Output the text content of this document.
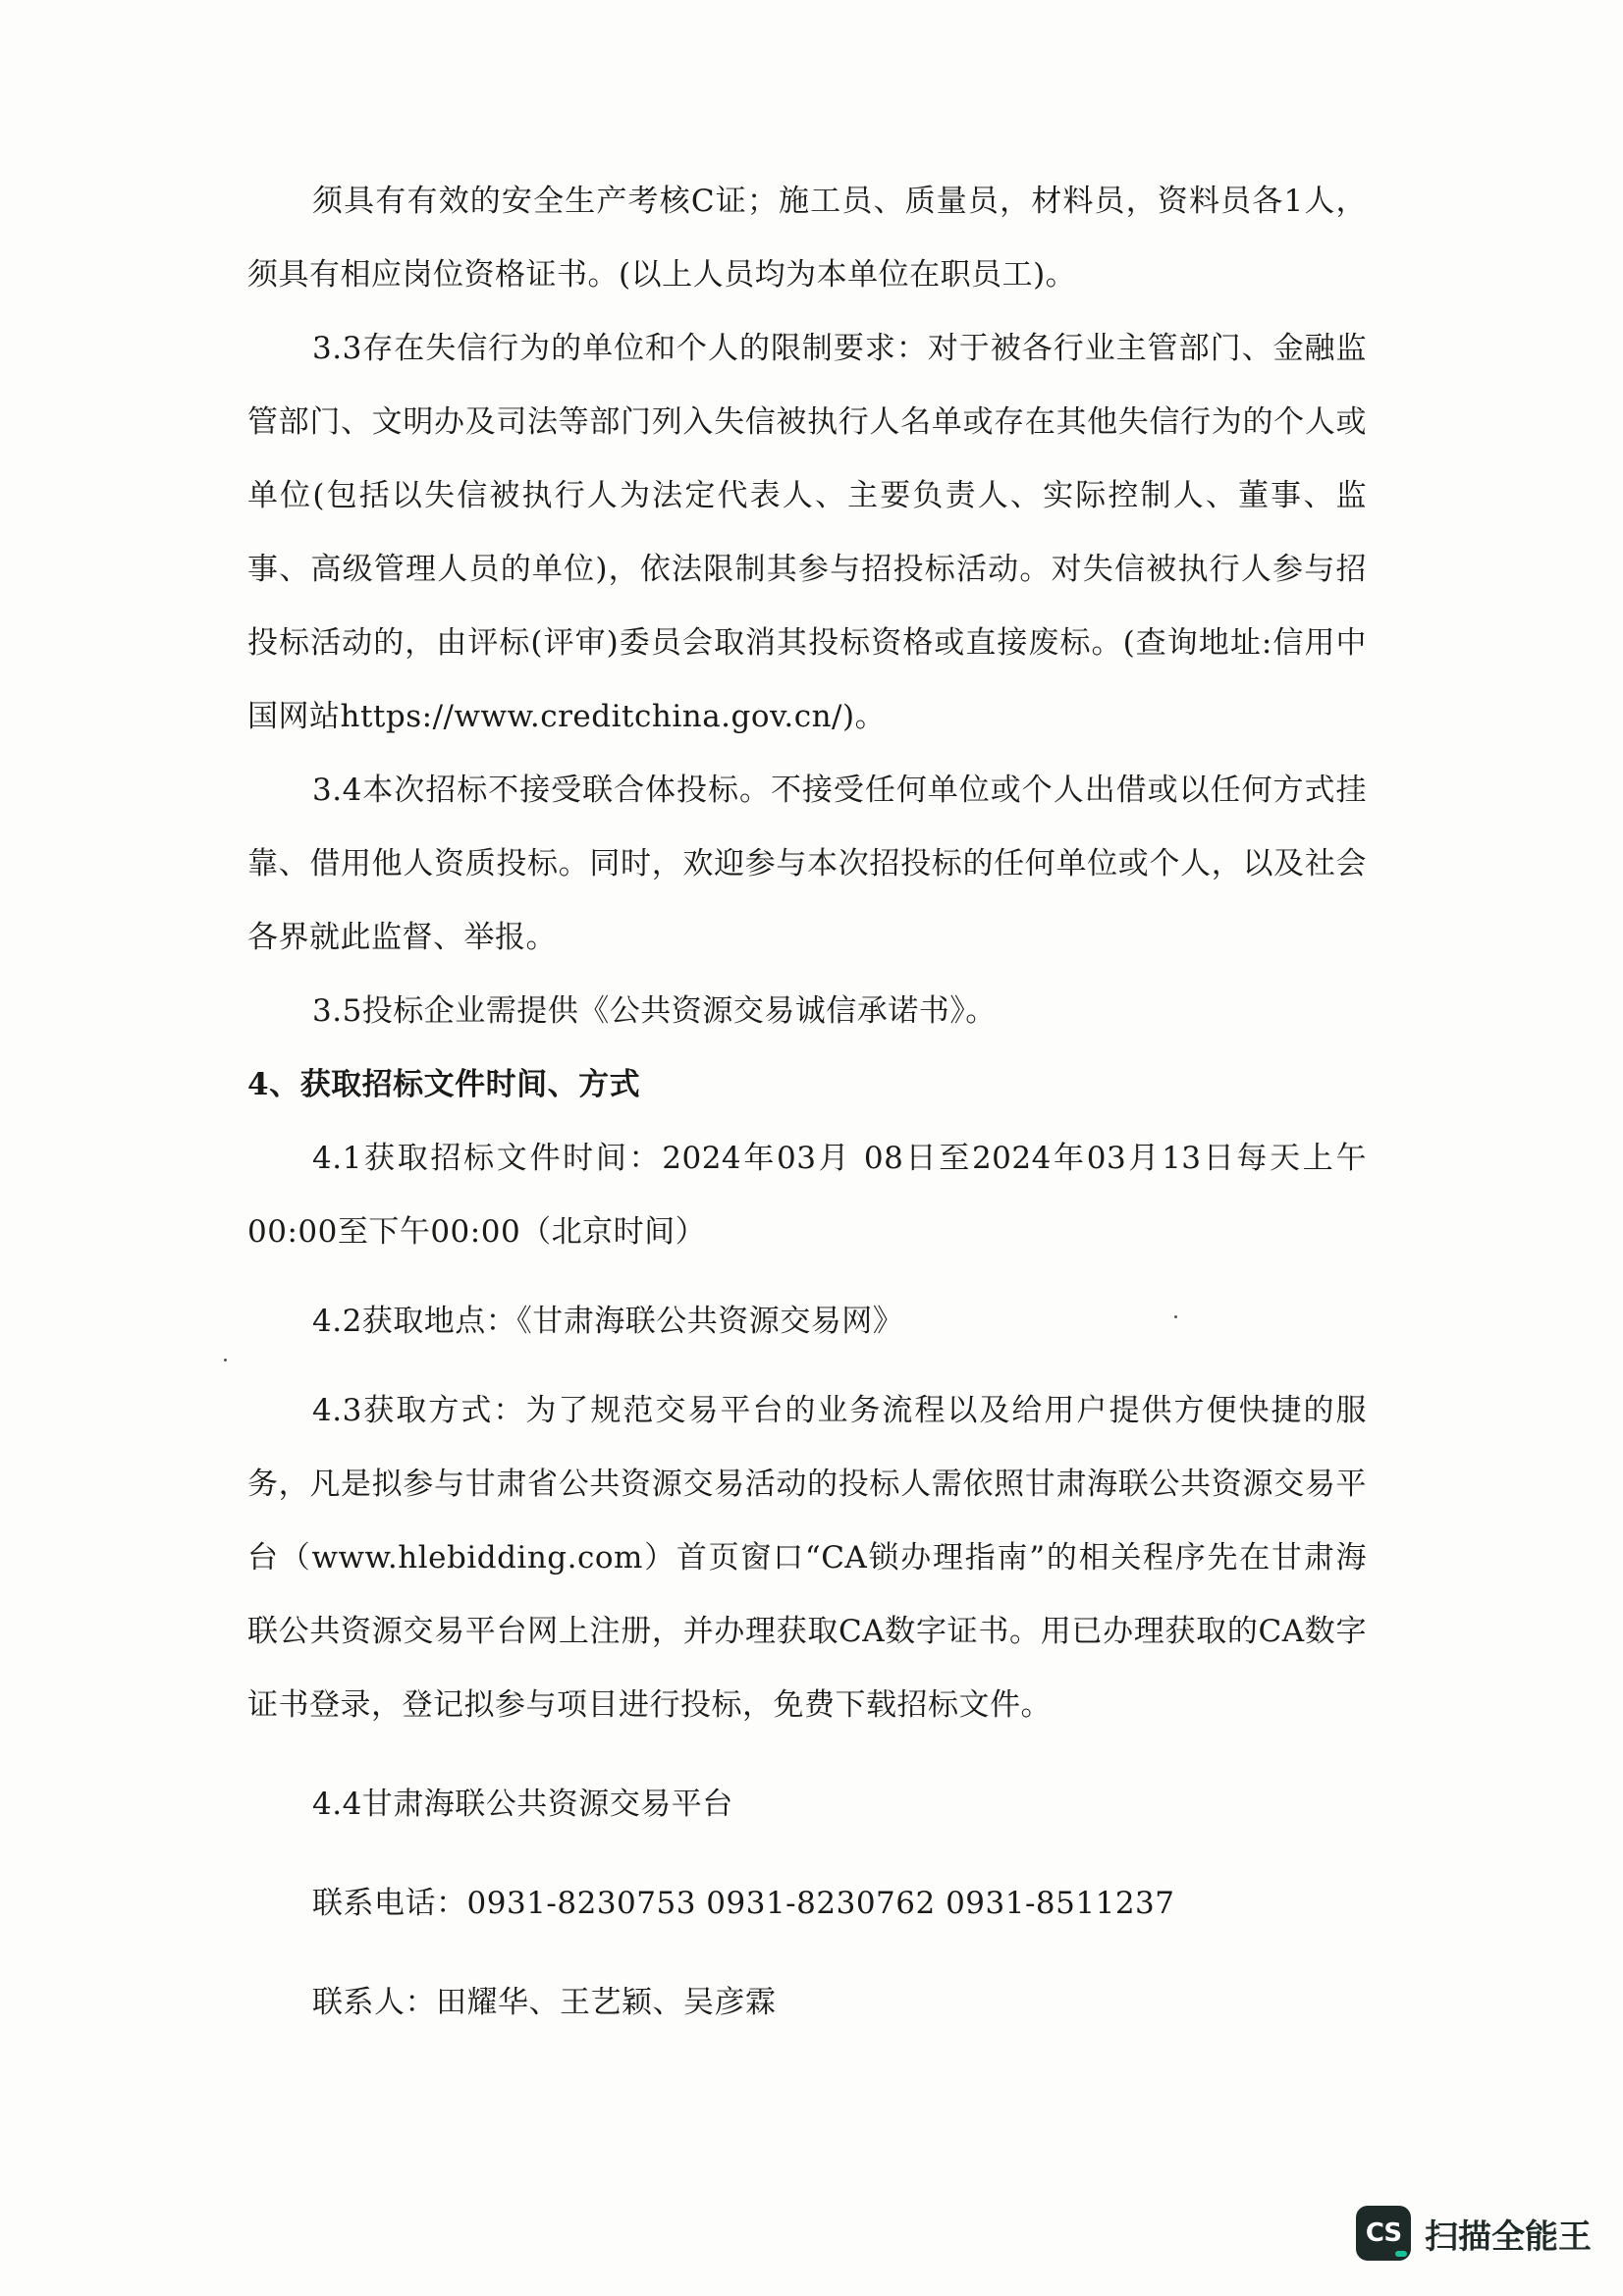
须具有有效的安全生产考核C证；施工员、质量员，材料员，资料员各1人，须具有相应岗位资格证书。(以上人员均为本单位在职员工)。

3.3存在失信行为的单位和个人的限制要求：对于被各行业主管部门、金融监管部门、文明办及司法等部门列入失信被执行人名单或存在其他失信行为的个人或单位(包括以失信被执行人为法定代表人、主要负责人、实际控制人、董事、监事、高级管理人员的单位)，依法限制其参与招投标活动。对失信被执行人参与招投标活动的，由评标(评审)委员会取消其投标资格或直接废标。(查询地址:信用中国网站https://www.creditchina.gov.cn/)。

3.4本次招标不接受联合体投标。不接受任何单位或个人出借或以任何方式挂靠、借用他人资质投标。同时，欢迎参与本次招投标的任何单位或个人，以及社会各界就此监督、举报。

3.5投标企业需提供《公共资源交易诚信承诺书》。

4、获取招标文件时间、方式

4.1获取招标文件时间：2024年03月 08日至2024年03月13日每天上午00:00至下午00:00（北京时间）

4.2获取地点：《甘肃海联公共资源交易网》

4.3获取方式：为了规范交易平台的业务流程以及给用户提供方便快捷的服务，凡是拟参与甘肃省公共资源交易活动的投标人需依照甘肃海联公共资源交易平台（www.hlebidding.com）首页窗口“CA锁办理指南”的相关程序先在甘肃海联公共资源交易平台网上注册，并办理获取CA数字证书。用已办理获取的CA数字证书登录，登记拟参与项目进行投标，免费下载招标文件。

4.4甘肃海联公共资源交易平台

联系电话：0931-8230753 0931-8230762 0931-8511237

联系人：田耀华、王艺颖、吴彦霖

CS 扫描全能王
